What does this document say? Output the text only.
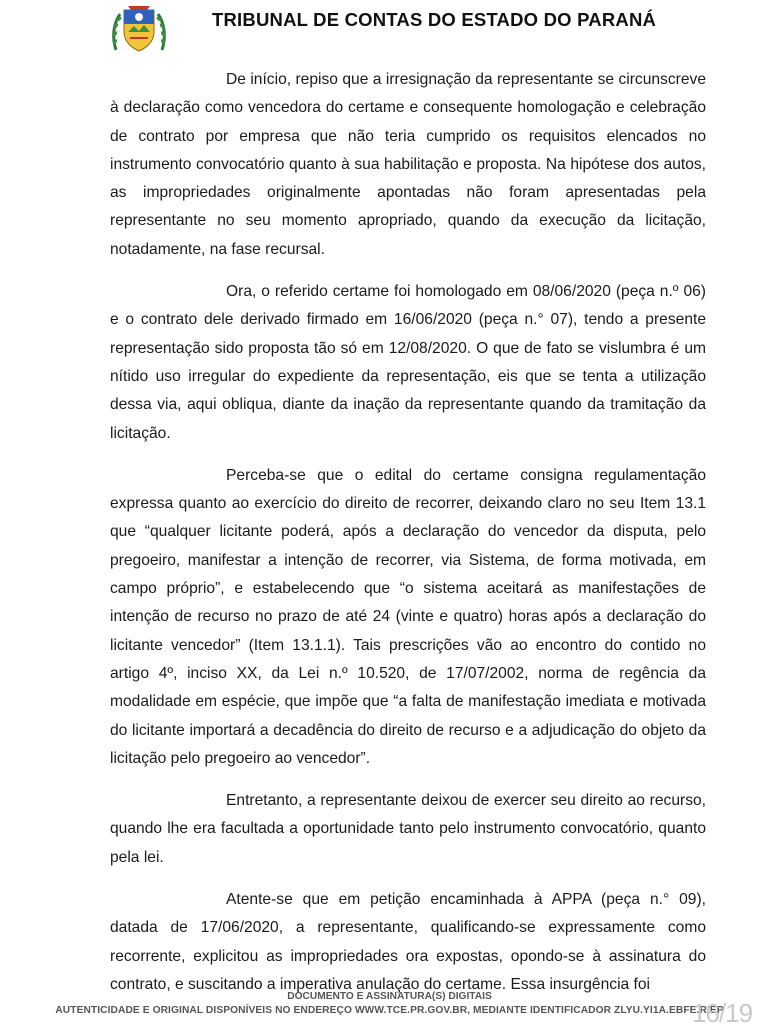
TRIBUNAL DE CONTAS DO ESTADO DO PARANÁ

De início, repiso que a irresignação da representante se circunscreve à declaração como vencedora do certame e consequente homologação e celebração de contrato por empresa que não teria cumprido os requisitos elencados no instrumento convocatório quanto à sua habilitação e proposta. Na hipótese dos autos, as impropriedades originalmente apontadas não foram apresentadas pela representante no seu momento apropriado, quando da execução da licitação, notadamente, na fase recursal.

Ora, o referido certame foi homologado em 08/06/2020 (peça n.º 06) e o contrato dele derivado firmado em 16/06/2020 (peça n.° 07), tendo a presente representação sido proposta tão só em 12/08/2020. O que de fato se vislumbra é um nítido uso irregular do expediente da representação, eis que se tenta a utilização dessa via, aqui obliqua, diante da inação da representante quando da tramitação da licitação.

Perceba-se que o edital do certame consigna regulamentação expressa quanto ao exercício do direito de recorrer, deixando claro no seu Item 13.1 que “qualquer licitante poderá, após a declaração do vencedor da disputa, pelo pregoeiro, manifestar a intenção de recorrer, via Sistema, de forma motivada, em campo próprio”, e estabelecendo que “o sistema aceitará as manifestações de intenção de recurso no prazo de até 24 (vinte e quatro) horas após a declaração do licitante vencedor” (Item 13.1.1). Tais prescrições vão ao encontro do contido no artigo 4º, inciso XX, da Lei n.º 10.520, de 17/07/2002, norma de regência da modalidade em espécie, que impõe que “a falta de manifestação imediata e motivada do licitante importará a decadência do direito de recurso e a adjudicação do objeto da licitação pelo pregoeiro ao vencedor”.

Entretanto, a representante deixou de exercer seu direito ao recurso, quando lhe era facultada a oportunidade tanto pelo instrumento convocatório, quanto pela lei.

Atente-se que em petição encaminhada à APPA (peça n.° 09), datada de 17/06/2020, a representante, qualificando-se expressamente como recorrente, explicitou as impropriedades ora expostas, opondo-se à assinatura do contrato, e suscitando a imperativa anulação do certame. Essa insurgência foi

DOCUMENTO E ASSINATURA(S) DIGITAIS
AUTENTICIDADE E ORIGINAL DISPONÍVEIS NO ENDEREÇO WWW.TCE.PR.GOV.BR, MEDIANTE IDENTIFICADOR ZLYU.YI1A.EBFE.RIEP
16/19
